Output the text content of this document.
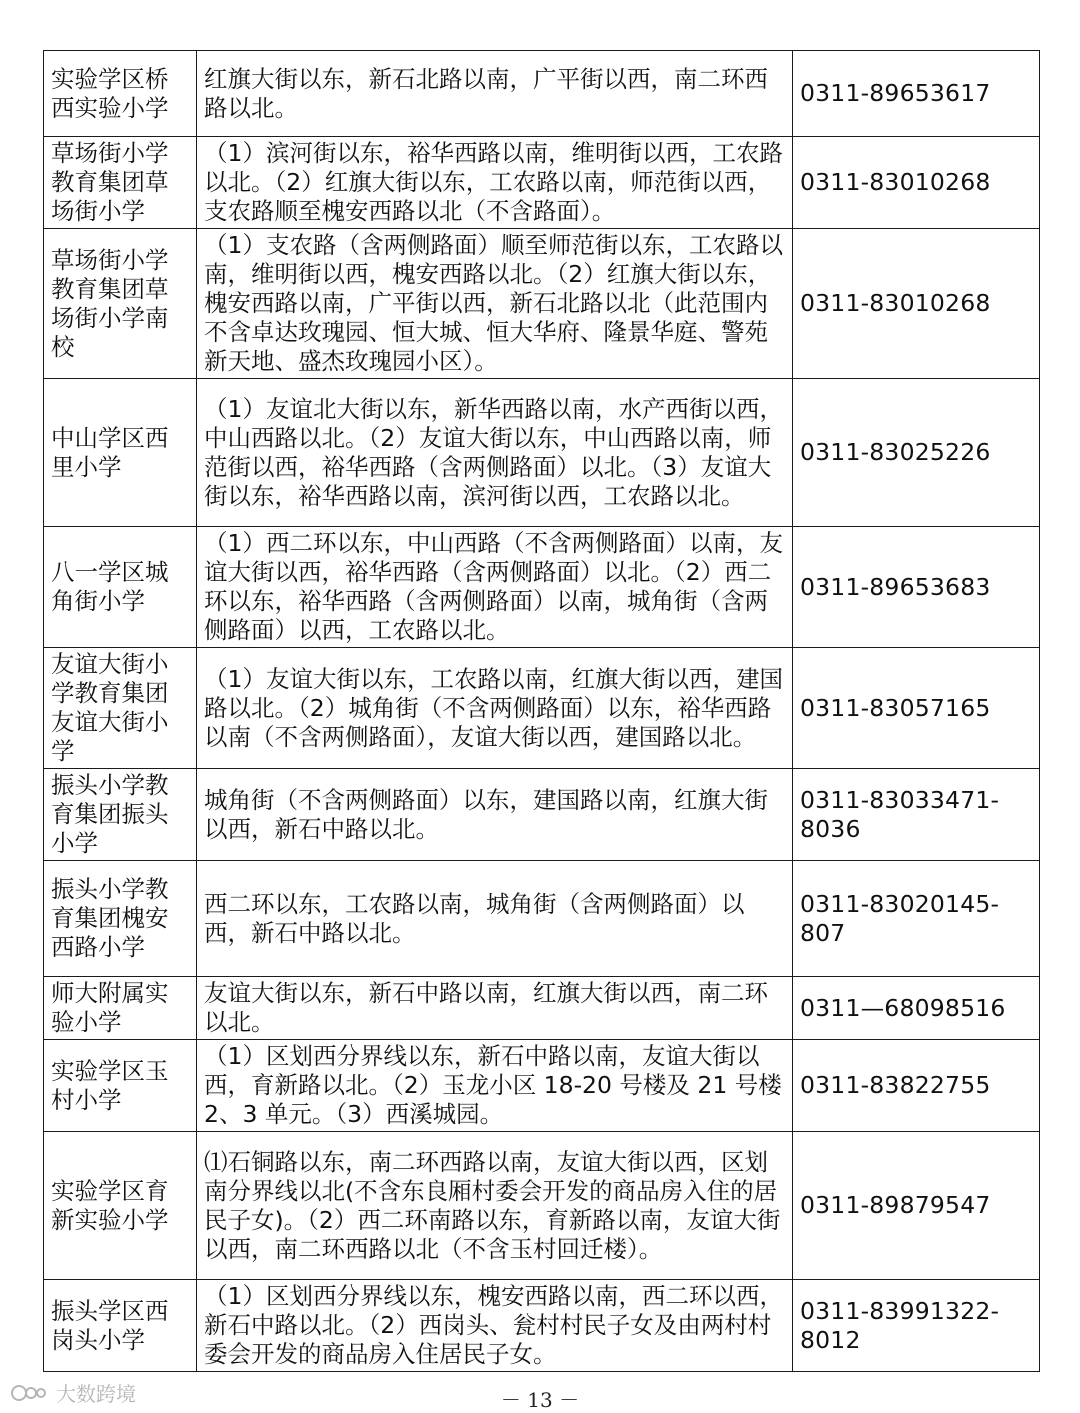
实验学区桥西实验小学	红旗大街以东，新石北路以南，广平街以西，南二环西路以北。	0311-89653617
草场街小学教育集团草场街小学	（1）滨河街以东，裕华西路以南，维明街以西，工农路以北。（2）红旗大街以东，工农路以南，师范街以西，支农路顺至槐安西路以北（不含路面）。	0311-83010268
草场街小学教育集团草场街小学南校	（1）支农路（含两侧路面）顺至师范街以东，工农路以南，维明街以西，槐安西路以北。（2）红旗大街以东，槐安西路以南，广平街以西，新石北路以北（此范围内不含卓达玫瑰园、恒大城、恒大华府、隆景华庭、警苑新天地、盛杰玫瑰园小区）。	0311-83010268
中山学区西里小学	（1）友谊北大街以东，新华西路以南，水产西街以西，中山西路以北。（2）友谊大街以东，中山西路以南，师范街以西，裕华西路（含两侧路面）以北。（3）友谊大街以东，裕华西路以南，滨河街以西，工农路以北。	0311-83025226
八一学区城角街小学	（1）西二环以东，中山西路（不含两侧路面）以南，友谊大街以西，裕华西路（含两侧路面）以北。（2）西二环以东，裕华西路（含两侧路面）以南，城角街（含两侧路面）以西，工农路以北。	0311-89653683
友谊大街小学教育集团友谊大街小学	（1）友谊大街以东，工农路以南，红旗大街以西，建国路以北。（2）城角街（不含两侧路面）以东，裕华西路以南（不含两侧路面），友谊大街以西，建国路以北。	0311-83057165
振头小学教育集团振头小学	城角街（不含两侧路面）以东，建国路以南，红旗大街以西，新石中路以北。	0311-83033471-8036
振头小学教育集团槐安西路小学	西二环以东，工农路以南，城角街（含两侧路面）以西，新石中路以北。	0311-83020145-807
师大附属实验小学	友谊大街以东，新石中路以南，红旗大街以西，南二环以北。	0311—68098516
实验学区玉村小学	（1）区划西分界线以东，新石中路以南，友谊大街以西，育新路以北。（2）玉龙小区 18-20 号楼及 21 号楼 2、3 单元。（3）西溪城园。	0311-83822755
实验学区育新实验小学	⑴石铜路以东，南二环西路以南，友谊大街以西，区划南分界线以北(不含东良厢村委会开发的商品房入住的居民子女)。（2）西二环南路以东，育新路以南，友谊大街以西，南二环西路以北（不含玉村回迁楼）。	0311-89879547
振头学区西岗头小学	（1）区划西分界线以东，槐安西路以南，西二环以西，新石中路以北。（2）西岗头、瓮村村民子女及由两村村委会开发的商品房入住居民子女。	0311-83991322-8012
大数跨境	－ 13 －
